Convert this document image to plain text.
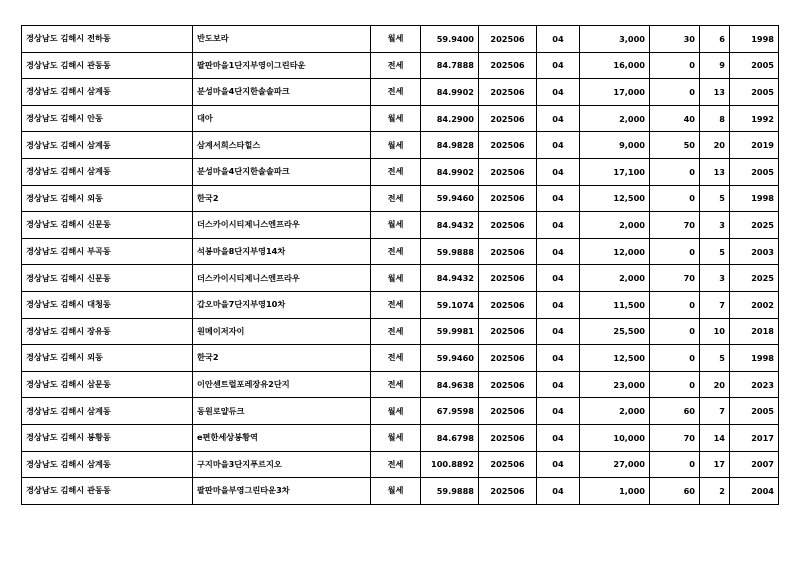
경상남도 김해시 전하동	반도보라	월세	59.9400	202506	04	3,000	30	6	1998
경상남도 김해시 관동동	팔판마을1단지부영이그린타운	전세	84.7888	202506	04	16,000	0	9	2005
경상남도 김해시 삼계동	분성마을4단지한솔솔파크	전세	84.9902	202506	04	17,000	0	13	2005
경상남도 김해시 안동	대아	월세	84.2900	202506	04	2,000	40	8	1992
경상남도 김해시 삼계동	삼계서희스타힐스	월세	84.9828	202506	04	9,000	50	20	2019
경상남도 김해시 삼계동	분성마을4단지한솔솔파크	전세	84.9902	202506	04	17,100	0	13	2005
경상남도 김해시 외동	한국2	전세	59.9460	202506	04	12,500	0	5	1998
경상남도 김해시 신문동	더스카이시티제니스엔프라우	월세	84.9432	202506	04	2,000	70	3	2025
경상남도 김해시 부곡동	석봉마을8단지부영14차	전세	59.9888	202506	04	12,000	0	5	2003
경상남도 김해시 신문동	더스카이시티제니스엔프라우	월세	84.9432	202506	04	2,000	70	3	2025
경상남도 김해시 대청동	갑오마을7단지부영10차	전세	59.1074	202506	04	11,500	0	7	2002
경상남도 김해시 장유동	원메이저자이	전세	59.9981	202506	04	25,500	0	10	2018
경상남도 김해시 외동	한국2	전세	59.9460	202506	04	12,500	0	5	1998
경상남도 김해시 삼문동	이안센트럴포레장유2단지	전세	84.9638	202506	04	23,000	0	20	2023
경상남도 김해시 삼계동	동원로얄듀크	월세	67.9598	202506	04	2,000	60	7	2005
경상남도 김해시 봉황동	e편한세상봉황역	월세	84.6798	202506	04	10,000	70	14	2017
경상남도 김해시 삼계동	구지마을3단지푸르지오	전세	100.8892	202506	04	27,000	0	17	2007
경상남도 김해시 관동동	팔판마을부영그린타운3차	월세	59.9888	202506	04	1,000	60	2	2004
